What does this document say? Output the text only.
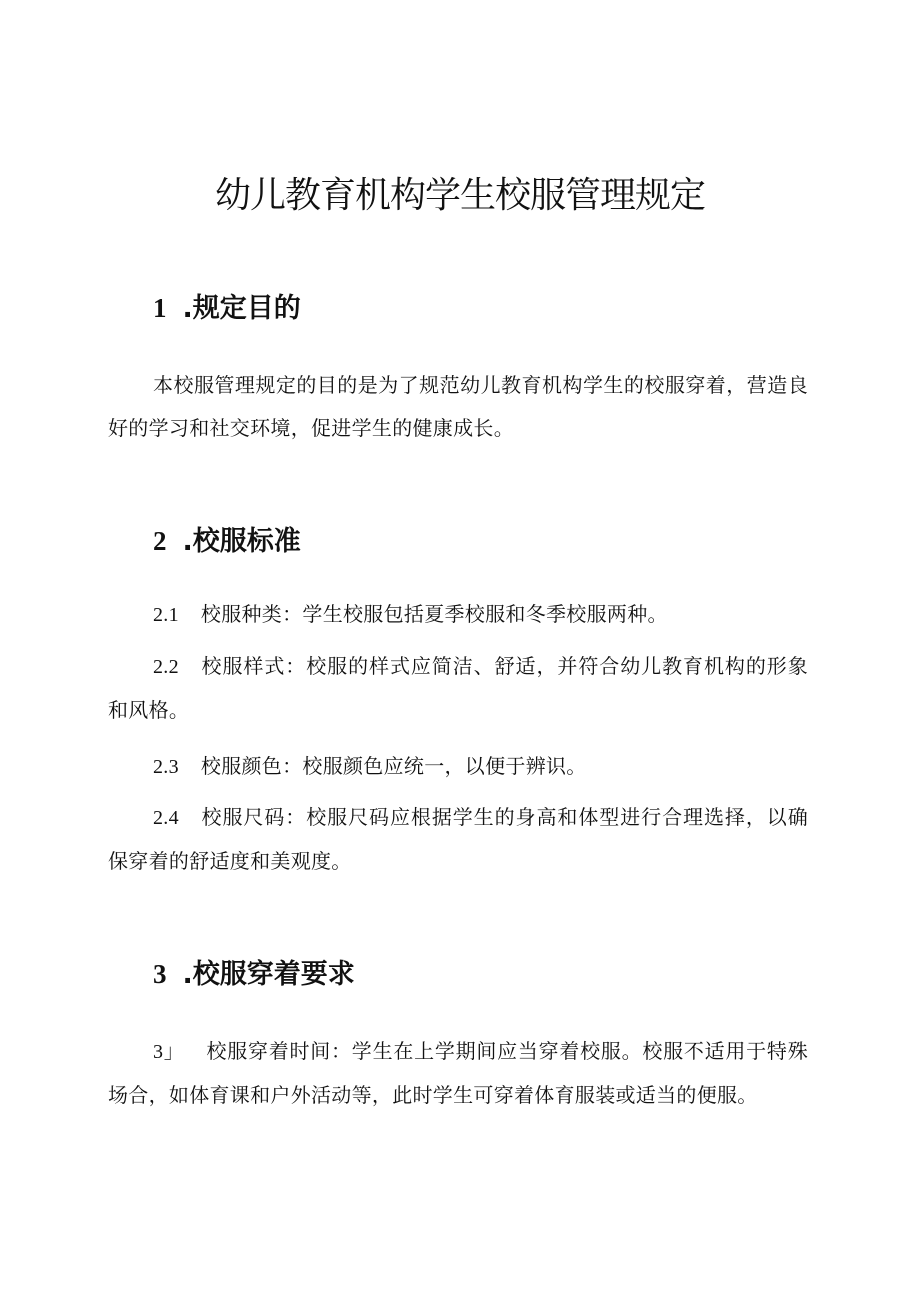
幼儿教育机构学生校服管理规定
1 .规定目的

本校服管理规定的目的是为了规范幼儿教育机构学生的校服穿着，营造良好的学习和社交环境，促进学生的健康成长。

2 .校服标准

2.1 校服种类：学生校服包括夏季校服和冬季校服两种。

2.2 校服样式：校服的样式应简洁、舒适，并符合幼儿教育机构的形象和风格。

2.3 校服颜色：校服颜色应统一，以便于辨识。

2.4 校服尺码：校服尺码应根据学生的身高和体型进行合理选择，以确保穿着的舒适度和美观度。

3 .校服穿着要求

3」 校服穿着时间：学生在上学期间应当穿着校服。校服不适用于特殊场合，如体育课和户外活动等，此时学生可穿着体育服装或适当的便服。
